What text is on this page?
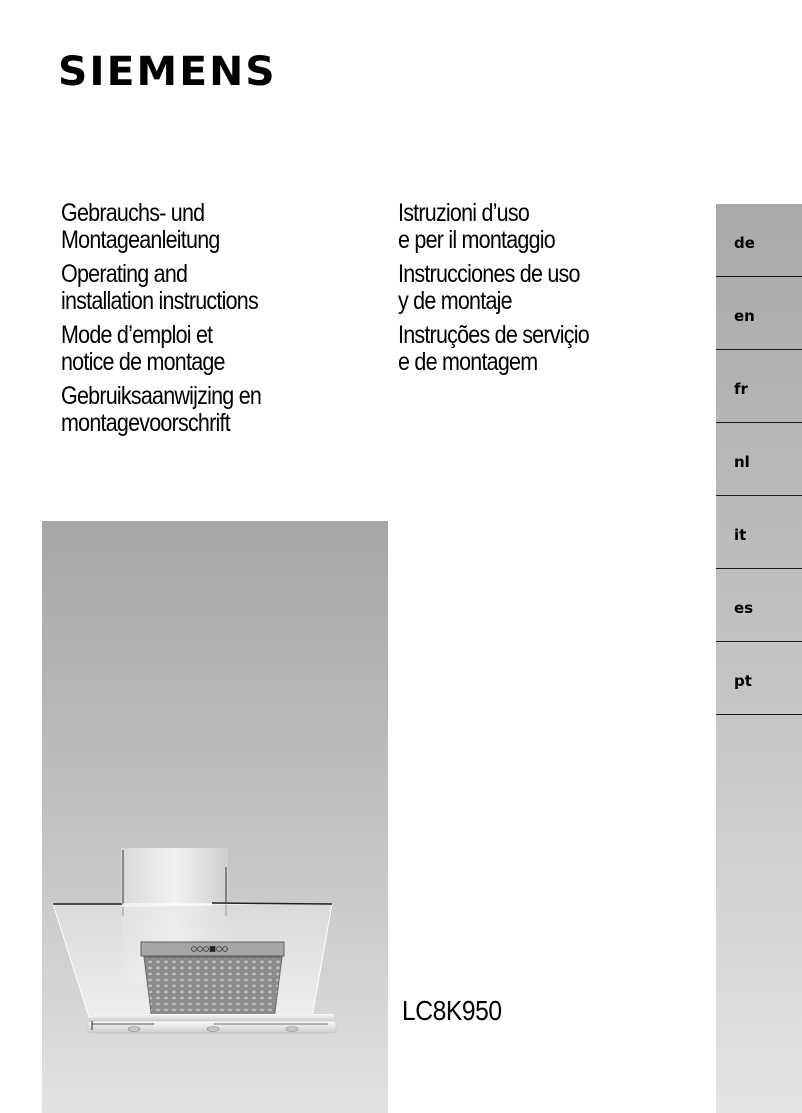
SIEMENS
Gebrauchs- und
Montageanleitung
Operating and
installation instructions
Mode d’emploi et
notice de montage
Gebruiksaanwijzing en
montagevoorschrift
Istruzioni d’uso
e per il montaggio
Instrucciones de uso
y de montaje
Instruções de serviçio
e de montagem
de
en
fr
nl
it
es
pt
LC8K950
